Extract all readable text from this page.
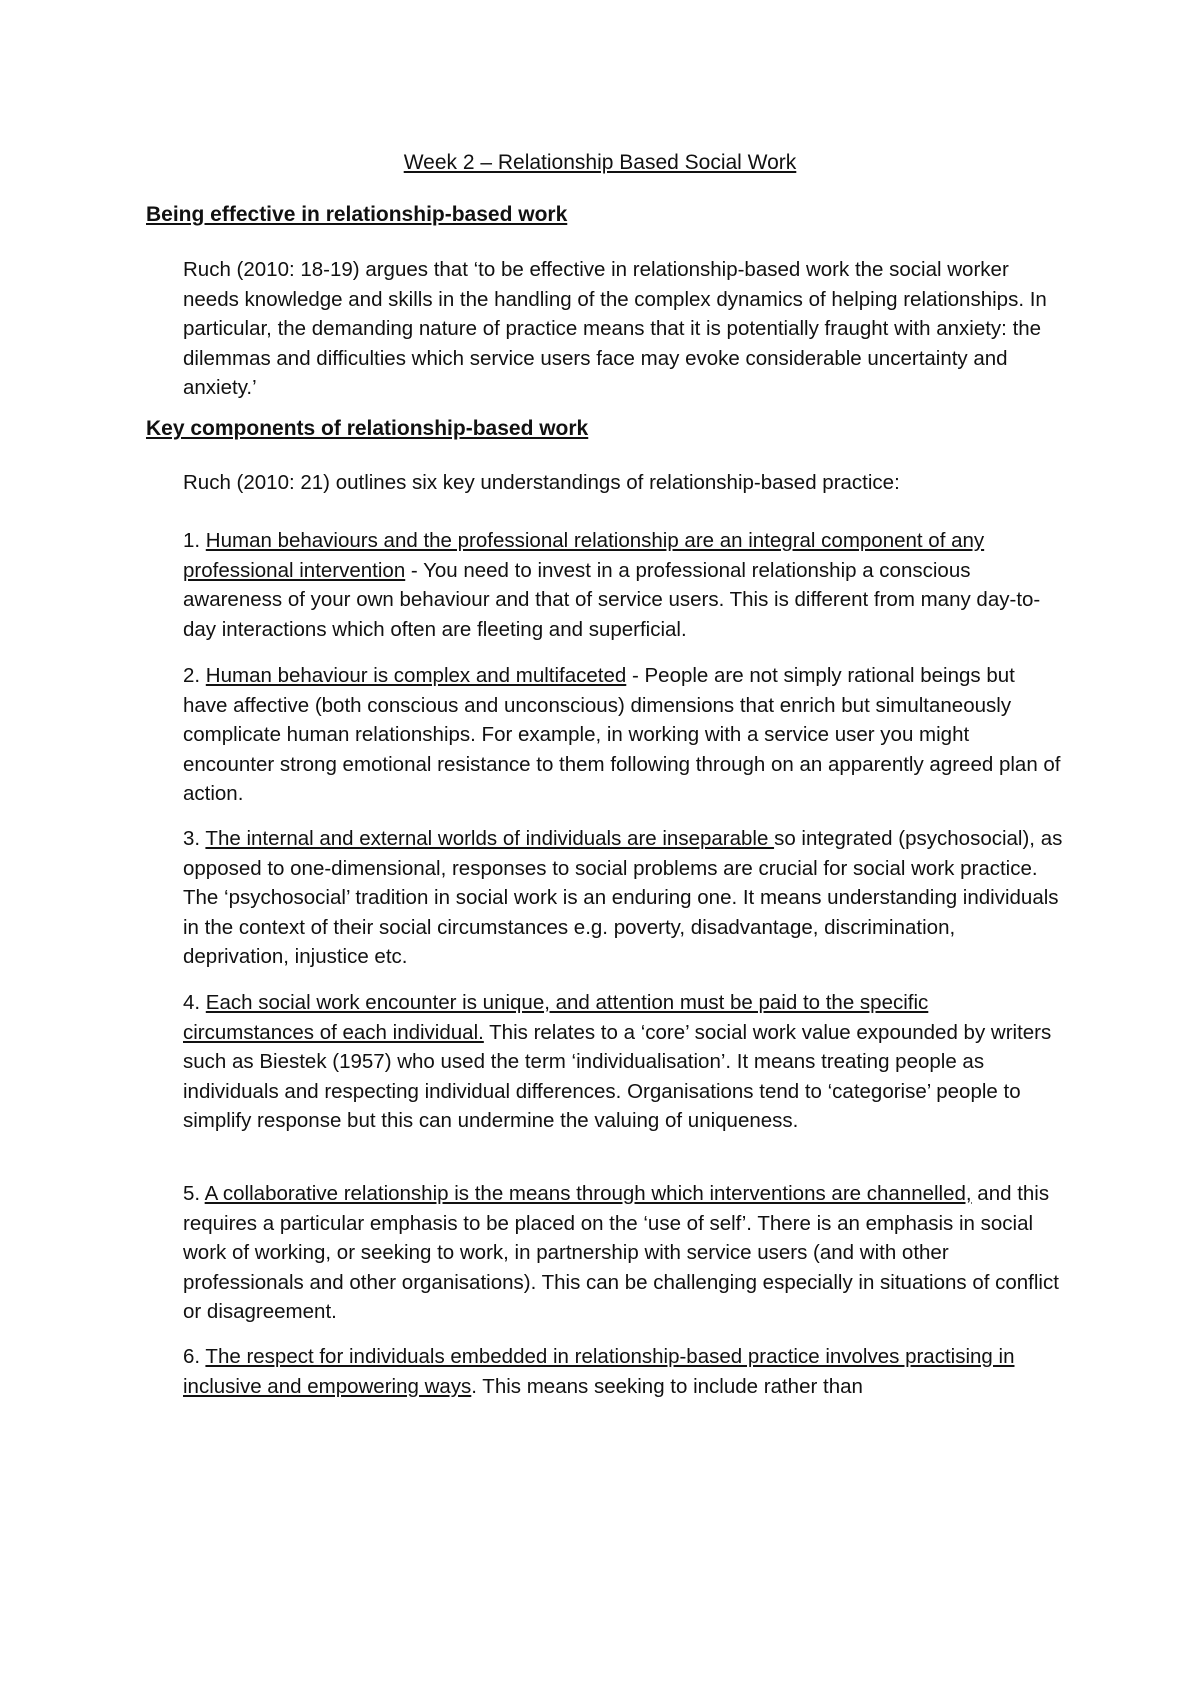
Week 2 – Relationship Based Social Work
Being effective in relationship-based work

Ruch (2010: 18-19) argues that ‘to be effective in relationship-based work the social worker needs knowledge and skills in the handling of the complex dynamics of helping relationships. In particular, the demanding nature of practice means that it is potentially fraught with anxiety: the dilemmas and difficulties which service users face may evoke considerable uncertainty and anxiety.’

Key components of relationship-based work

Ruch (2010: 21) outlines six key understandings of relationship-based practice:

1. Human behaviours and the professional relationship are an integral component of any professional intervention - You need to invest in a professional relationship a conscious awareness of your own behaviour and that of service users. This is different from many day-to-day interactions which often are fleeting and superficial.

2. Human behaviour is complex and multifaceted - People are not simply rational beings but have affective (both conscious and unconscious) dimensions that enrich but simultaneously complicate human relationships. For example, in working with a service user you might encounter strong emotional resistance to them following through on an apparently agreed plan of action.

3. The internal and external worlds of individuals are inseparable so integrated (psychosocial), as opposed to one-dimensional, responses to social problems are crucial for social work practice. The ‘psychosocial’ tradition in social work is an enduring one. It means understanding individuals in the context of their social circumstances e.g. poverty, disadvantage, discrimination, deprivation, injustice etc.

4. Each social work encounter is unique, and attention must be paid to the specific circumstances of each individual. This relates to a ‘core’ social work value expounded by writers such as Biestek (1957) who used the term ‘individualisation’. It means treating people as individuals and respecting individual differences. Organisations tend to ‘categorise’ people to simplify response but this can undermine the valuing of uniqueness.

5. A collaborative relationship is the means through which interventions are channelled, and this requires a particular emphasis to be placed on the ‘use of self’. There is an emphasis in social work of working, or seeking to work, in partnership with service users (and with other professionals and other organisations). This can be challenging especially in situations of conflict or disagreement.

6. The respect for individuals embedded in relationship-based practice involves practising in inclusive and empowering ways. This means seeking to include rather than
